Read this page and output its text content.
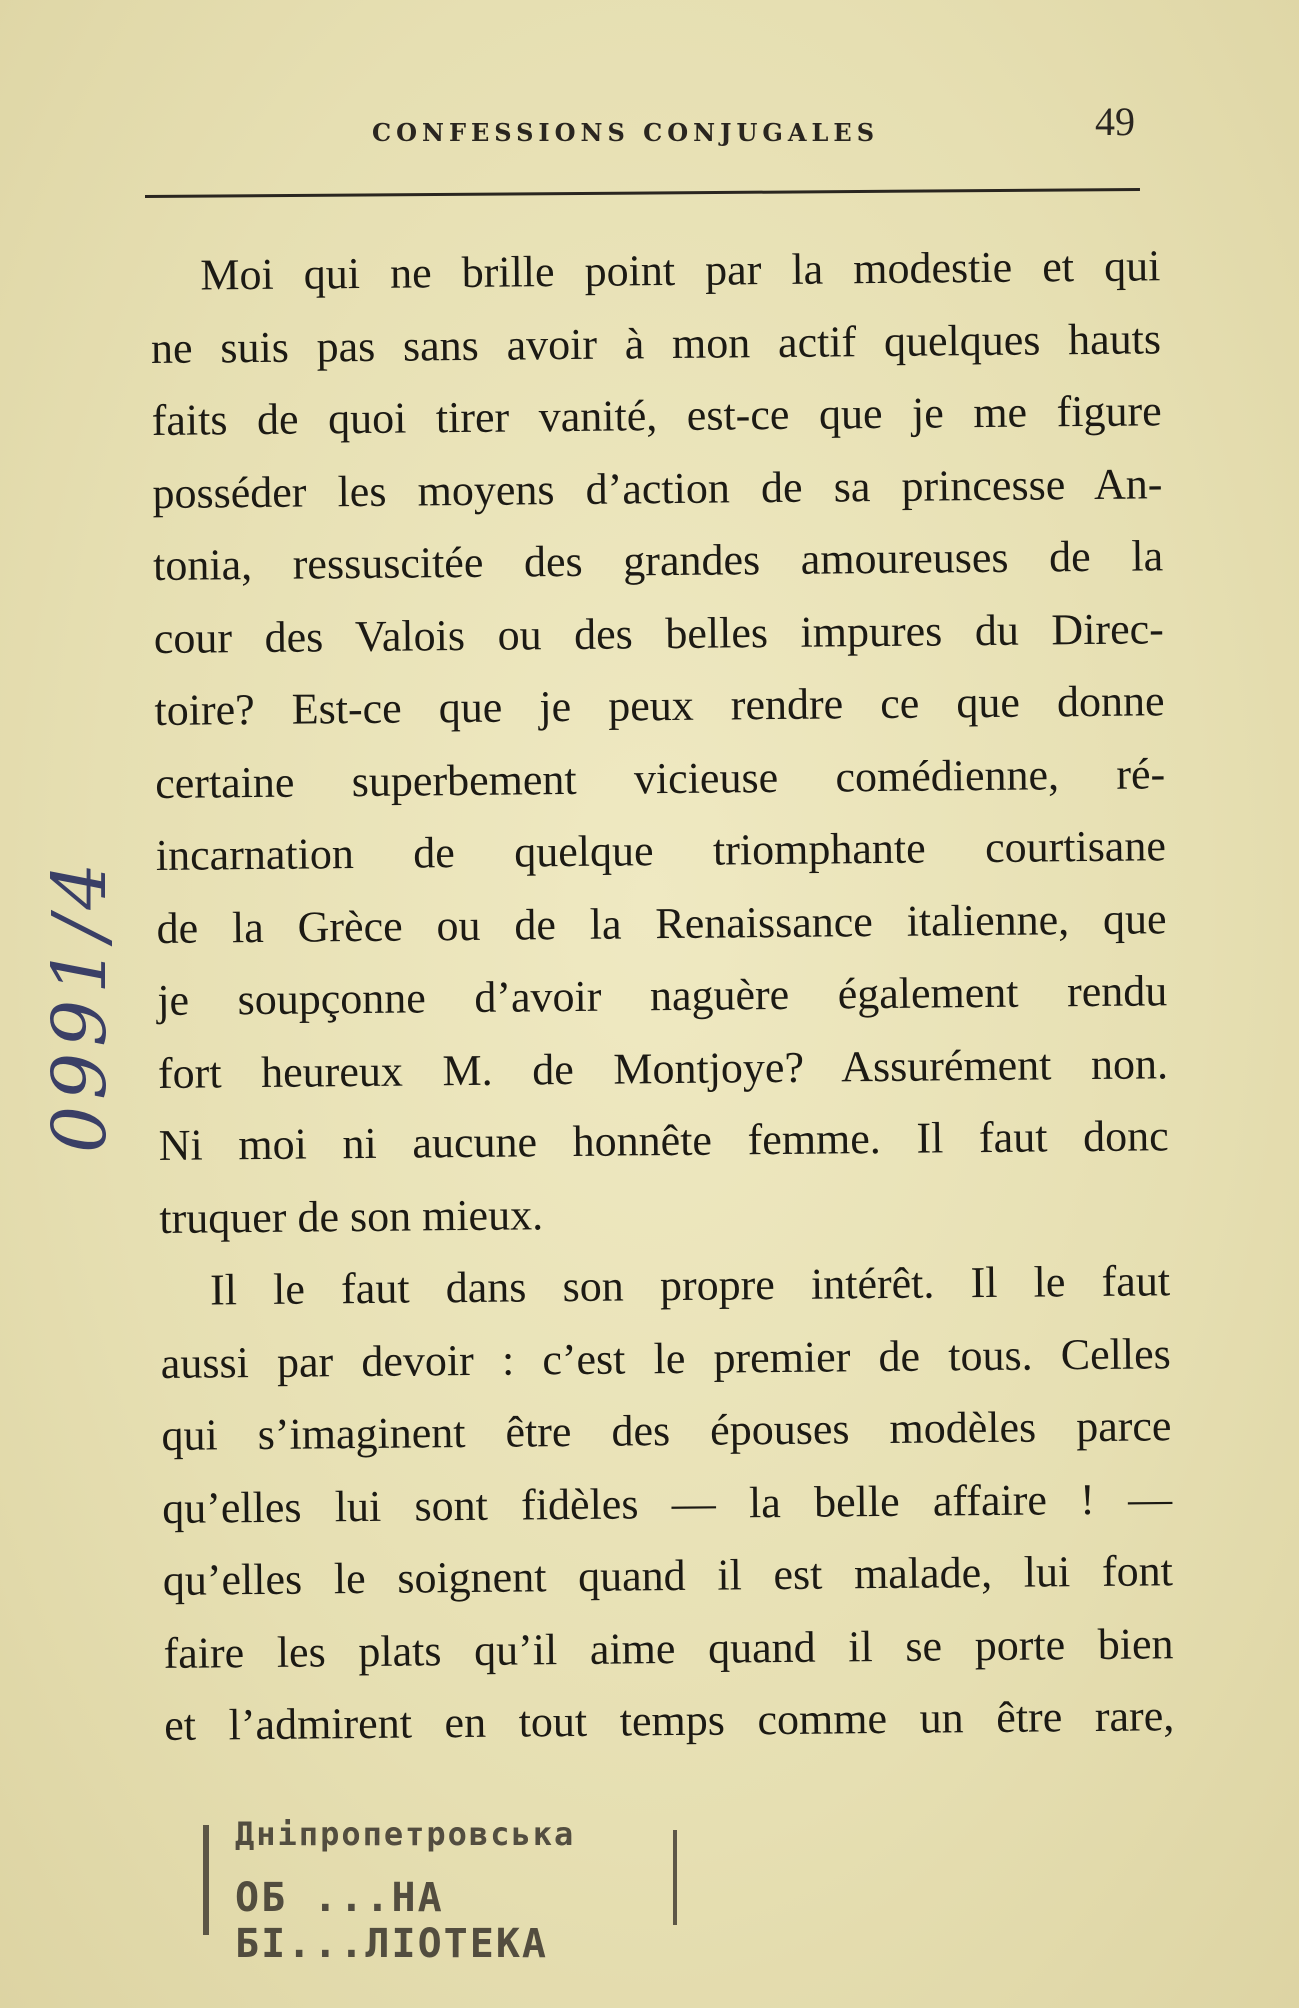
CONFESSIONS CONJUGALES	49
0991/4
Moi qui ne brille point par la modestie et qui
ne suis pas sans avoir à mon actif quelques hauts
faits de quoi tirer vanité, est-ce que je me figure
posséder les moyens d’action de sa princesse An-
tonia, ressuscitée des grandes amoureuses de la
cour des Valois ou des belles impures du Direc-
toire? Est-ce que je peux rendre ce que donne
certaine superbement vicieuse comédienne, ré-
incarnation de quelque triomphante courtisane
de la Grèce ou de la Renaissance italienne, que
je soupçonne d’avoir naguère également rendu
fort heureux M. de Montjoye? Assurément non.
Ni moi ni aucune honnête femme. Il faut donc
truquer de son mieux.
Il le faut dans son propre intérêt. Il le faut
aussi par devoir : c’est le premier de tous. Celles
qui s’imaginent être des épouses modèles parce
qu’elles lui sont fidèles — la belle affaire ! —
qu’elles le soignent quand il est malade, lui font
faire les plats qu’il aime quand il se porte bien
et l’admirent en tout temps comme un être rare,
Дніпропетровська
ОБ ...НА БІ...ЛІОТЕКА
